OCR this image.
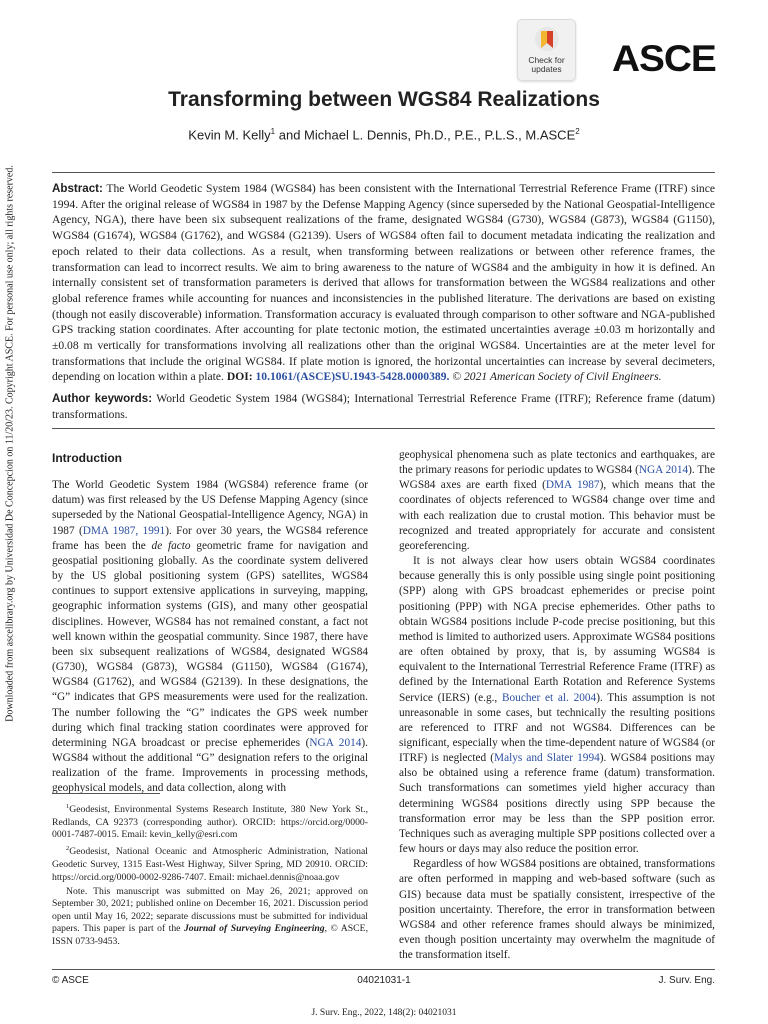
Downloaded from ascelibrary.org by Universidad De Concepcion on 11/20/23. Copyright ASCE. For personal use only; all rights reserved.
Check for
updates	ASCE
Transforming between WGS84 Realizations
Kevin M. Kelly$^1$ and Michael L. Dennis, Ph.D., P.E., P.L.S., M.ASCE$^2$
Abstract: The World Geodetic System 1984 (WGS84) has been consistent with the International Terrestrial Reference Frame (ITRF) since 1994. After the original release of WGS84 in 1987 by the Defense Mapping Agency (since superseded by the National Geospatial-Intelligence Agency, NGA), there have been six subsequent realizations of the frame, designated WGS84 (G730), WGS84 (G873), WGS84 (G1150), WGS84 (G1674), WGS84 (G1762), and WGS84 (G2139). Users of WGS84 often fail to document metadata indicating the realization and epoch related to their data collections. As a result, when transforming between realizations or between other reference frames, the transformation can lead to incorrect results. We aim to bring awareness to the nature of WGS84 and the ambiguity in how it is defined. An internally consistent set of transformation parameters is derived that allows for transformation between the WGS84 realizations and other global reference frames while accounting for nuances and inconsistencies in the published literature. The derivations are based on existing (though not easily discoverable) information. Transformation accuracy is evaluated through comparison to other software and NGA-published GPS tracking station coordinates. After accounting for plate tectonic motion, the estimated uncertainties average ±0.03 m horizontally and ±0.08 m vertically for transformations involving all realizations other than the original WGS84. Uncertainties are at the meter level for transformations that include the original WGS84. If plate motion is ignored, the horizontal uncertainties can increase by several decimeters, depending on location within a plate. DOI: 10.1061/(ASCE)SU.1943-5428.0000389. © 2021 American Society of Civil Engineers.
Author keywords: World Geodetic System 1984 (WGS84); International Terrestrial Reference Frame (ITRF); Reference frame (datum) transformations.
Introduction

The World Geodetic System 1984 (WGS84) reference frame (or datum) was first released by the US Defense Mapping Agency (since superseded by the National Geospatial-Intelligence Agency, NGA) in 1987 (DMA 1987, 1991). For over 30 years, the WGS84 reference frame has been the de facto geometric frame for navigation and geospatial positioning globally. As the coordinate system delivered by the US global positioning system (GPS) satellites, WGS84 continues to support extensive applications in surveying, mapping, geographic information systems (GIS), and many other geospatial disciplines. However, WGS84 has not remained constant, a fact not well known within the geospatial community. Since 1987, there have been six subsequent realizations of WGS84, designated WGS84 (G730), WGS84 (G873), WGS84 (G1150), WGS84 (G1674), WGS84 (G1762), and WGS84 (G2139). In these designations, the “G” indicates that GPS measurements were used for the realization. The number following the “G” indicates the GPS week number during which final tracking station coordinates were approved for determining NGA broadcast or precise ephemerides (NGA 2014). WGS84 without the additional “G” designation refers to the original realization of the frame. Improvements in processing methods, geophysical models, and data collection, along with

$^1$Geodesist, Environmental Systems Research Institute, 380 New York St., Redlands, CA 92373 (corresponding author). ORCID: https://orcid.org/0000-0001-7487-0015. Email: kevin_kelly@esri.com

$^2$Geodesist, National Oceanic and Atmospheric Administration, National Geodetic Survey, 1315 East-West Highway, Silver Spring, MD 20910. ORCID: https://orcid.org/0000-0002-9286-7407. Email: michael.dennis@noaa.gov

Note. This manuscript was submitted on May 26, 2021; approved on September 30, 2021; published online on December 16, 2021. Discussion period open until May 16, 2022; separate discussions must be submitted for individual papers. This paper is part of the Journal of Surveying Engineering, © ASCE, ISSN 0733-9453.

geophysical phenomena such as plate tectonics and earthquakes, are the primary reasons for periodic updates to WGS84 (NGA 2014). The WGS84 axes are earth fixed (DMA 1987), which means that the coordinates of objects referenced to WGS84 change over time and with each realization due to crustal motion. This behavior must be recognized and treated appropriately for accurate and consistent georeferencing.

It is not always clear how users obtain WGS84 coordinates because generally this is only possible using single point positioning (SPP) along with GPS broadcast ephemerides or precise point positioning (PPP) with NGA precise ephemerides. Other paths to obtain WGS84 positions include P-code precise positioning, but this method is limited to authorized users. Approximate WGS84 positions are often obtained by proxy, that is, by assuming WGS84 is equivalent to the International Terrestrial Reference Frame (ITRF) as defined by the International Earth Rotation and Reference Systems Service (IERS) (e.g., Boucher et al. 2004). This assumption is not unreasonable in some cases, but technically the resulting positions are referenced to ITRF and not WGS84. Differences can be significant, especially when the time-dependent nature of WGS84 (or ITRF) is neglected (Malys and Slater 1994). WGS84 positions may also be obtained using a reference frame (datum) transformation. Such transformations can sometimes yield higher accuracy than determining WGS84 positions directly using SPP because the transformation error may be less than the SPP position error. Techniques such as averaging multiple SPP positions collected over a few hours or days may also reduce the position error.

Regardless of how WGS84 positions are obtained, transformations are often performed in mapping and web-based software (such as GIS) because data must be spatially consistent, irrespective of the position uncertainty. Therefore, the error in transformation between WGS84 and other reference frames should always be minimized, even though position uncertainty may overwhelm the magnitude of the transformation itself.

© ASCE	04021031-1	J. Surv. Eng.
J. Surv. Eng., 2022, 148(2): 04021031
